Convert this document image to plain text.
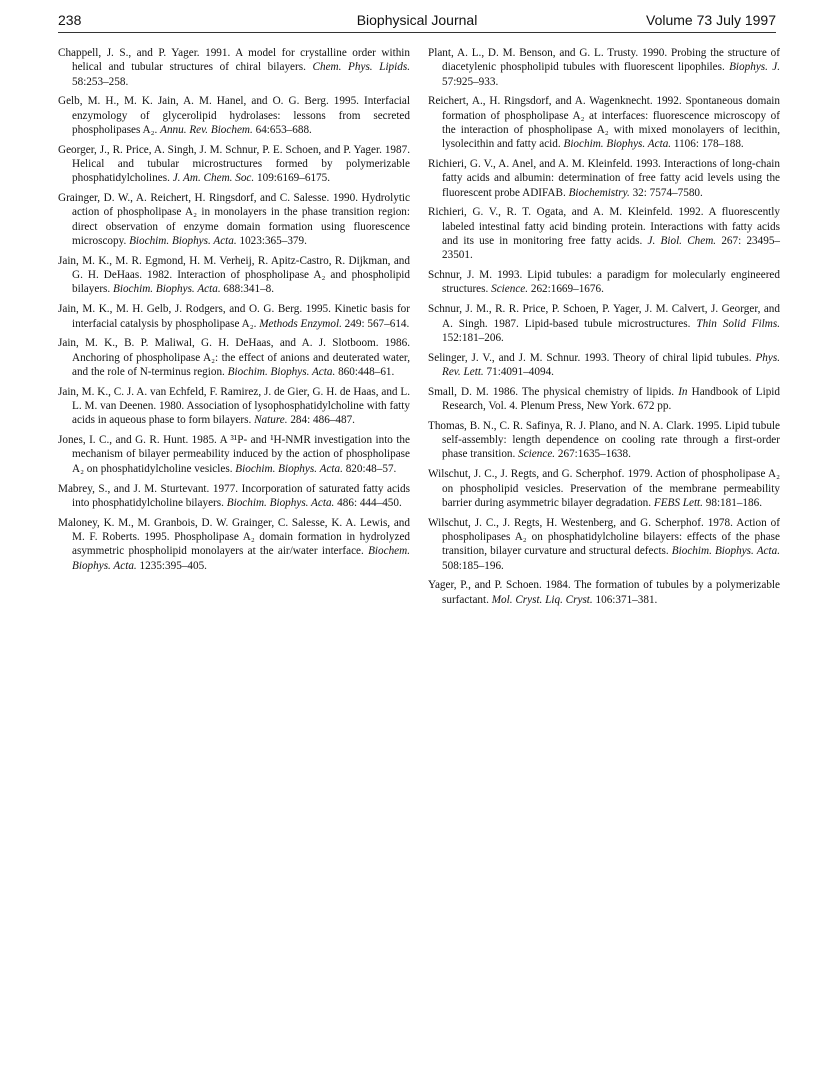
238	Biophysical Journal	Volume 73 July 1997

Chappell, J. S., and P. Yager. 1991. A model for crystalline order within helical and tubular structures of chiral bilayers. Chem. Phys. Lipids. 58:253–258.

Gelb, M. H., M. K. Jain, A. M. Hanel, and O. G. Berg. 1995. Interfacial enzymology of glycerolipid hydrolases: lessons from secreted phospholipases A₂. Annu. Rev. Biochem. 64:653–688.

Georger, J., R. Price, A. Singh, J. M. Schnur, P. E. Schoen, and P. Yager. 1987. Helical and tubular microstructures formed by polymerizable phosphatidylcholines. J. Am. Chem. Soc. 109:6169–6175.

Grainger, D. W., A. Reichert, H. Ringsdorf, and C. Salesse. 1990. Hydrolytic action of phospholipase A₂ in monolayers in the phase transition region: direct observation of enzyme domain formation using fluorescence microscopy. Biochim. Biophys. Acta. 1023:365–379.

Jain, M. K., M. R. Egmond, H. M. Verheij, R. Apitz-Castro, R. Dijkman, and G. H. DeHaas. 1982. Interaction of phospholipase A₂ and phospholipid bilayers. Biochim. Biophys. Acta. 688:341–8.

Jain, M. K., M. H. Gelb, J. Rodgers, and O. G. Berg. 1995. Kinetic basis for interfacial catalysis by phospholipase A₂. Methods Enzymol. 249: 567–614.

Jain, M. K., B. P. Maliwal, G. H. DeHaas, and A. J. Slotboom. 1986. Anchoring of phospholipase A₂: the effect of anions and deuterated water, and the role of N-terminus region. Biochim. Biophys. Acta. 860:448–61.

Jain, M. K., C. J. A. van Echfeld, F. Ramirez, J. de Gier, G. H. de Haas, and L. L. M. van Deenen. 1980. Association of lysophosphatidylcholine with fatty acids in aqueous phase to form bilayers. Nature. 284: 486–487.

Jones, I. C., and G. R. Hunt. 1985. A ³¹P- and ¹H-NMR investigation into the mechanism of bilayer permeability induced by the action of phospholipase A₂ on phosphatidylcholine vesicles. Biochim. Biophys. Acta. 820:48–57.

Mabrey, S., and J. M. Sturtevant. 1977. Incorporation of saturated fatty acids into phosphatidylcholine bilayers. Biochim. Biophys. Acta. 486: 444–450.

Maloney, K. M., M. Granbois, D. W. Grainger, C. Salesse, K. A. Lewis, and M. F. Roberts. 1995. Phospholipase A₂ domain formation in hydrolyzed asymmetric phospholipid monolayers at the air/water interface. Biochem. Biophys. Acta. 1235:395–405.

Plant, A. L., D. M. Benson, and G. L. Trusty. 1990. Probing the structure of diacetylenic phospholipid tubules with fluorescent lipophiles. Biophys. J. 57:925–933.

Reichert, A., H. Ringsdorf, and A. Wagenknecht. 1992. Spontaneous domain formation of phospholipase A₂ at interfaces: fluorescence microscopy of the interaction of phospholipase A₂ with mixed monolayers of lecithin, lysolecithin and fatty acid. Biochim. Biophys. Acta. 1106: 178–188.

Richieri, G. V., A. Anel, and A. M. Kleinfeld. 1993. Interactions of long-chain fatty acids and albumin: determination of free fatty acid levels using the fluorescent probe ADIFAB. Biochemistry. 32: 7574–7580.

Richieri, G. V., R. T. Ogata, and A. M. Kleinfeld. 1992. A fluorescently labeled intestinal fatty acid binding protein. Interactions with fatty acids and its use in monitoring free fatty acids. J. Biol. Chem. 267: 23495–23501.

Schnur, J. M. 1993. Lipid tubules: a paradigm for molecularly engineered structures. Science. 262:1669–1676.

Schnur, J. M., R. R. Price, P. Schoen, P. Yager, J. M. Calvert, J. Georger, and A. Singh. 1987. Lipid-based tubule microstructures. Thin Solid Films. 152:181–206.

Selinger, J. V., and J. M. Schnur. 1993. Theory of chiral lipid tubules. Phys. Rev. Lett. 71:4091–4094.

Small, D. M. 1986. The physical chemistry of lipids. In Handbook of Lipid Research, Vol. 4. Plenum Press, New York. 672 pp.

Thomas, B. N., C. R. Safinya, R. J. Plano, and N. A. Clark. 1995. Lipid tubule self-assembly: length dependence on cooling rate through a first-order phase transition. Science. 267:1635–1638.

Wilschut, J. C., J. Regts, and G. Scherphof. 1979. Action of phospholipase A₂ on phospholipid vesicles. Preservation of the membrane permeability barrier during asymmetric bilayer degradation. FEBS Lett. 98:181–186.

Wilschut, J. C., J. Regts, H. Westenberg, and G. Scherphof. 1978. Action of phospholipases A₂ on phosphatidylcholine bilayers: effects of the phase transition, bilayer curvature and structural defects. Biochim. Biophys. Acta. 508:185–196.

Yager, P., and P. Schoen. 1984. The formation of tubules by a polymerizable surfactant. Mol. Cryst. Liq. Cryst. 106:371–381.
